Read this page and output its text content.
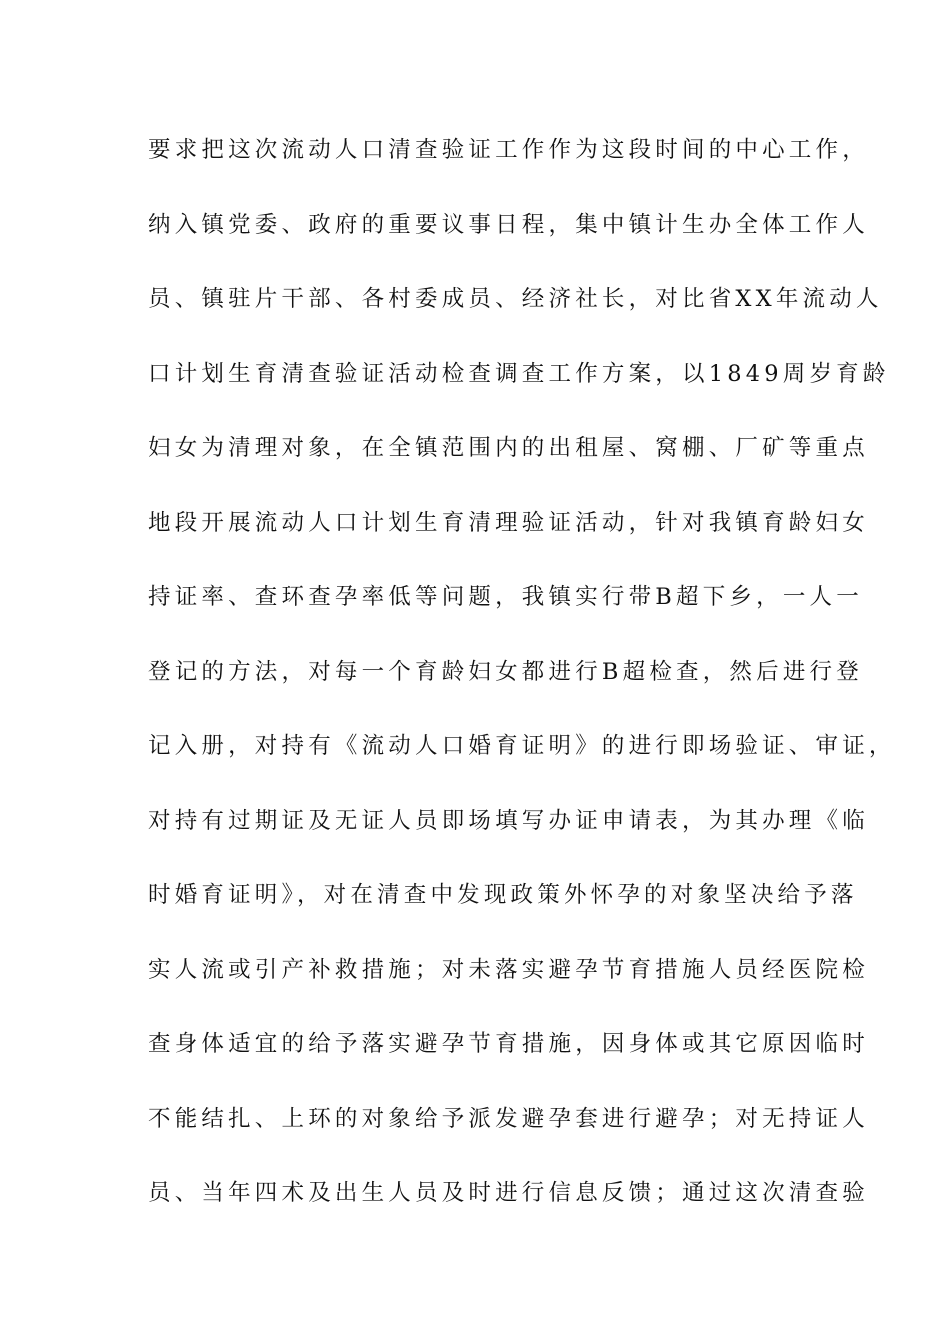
要求把这次流动人口清查验证工作作为这段时间的中心工作，
纳入镇党委、政府的重要议事日程，集中镇计生办全体工作人
员、镇驻片干部、各村委成员、经济社长，对比省XX年流动人
口计划生育清查验证活动检查调查工作方案，以1849周岁育龄
妇女为清理对象，在全镇范围内的出租屋、窝棚、厂矿等重点
地段开展流动人口计划生育清理验证活动，针对我镇育龄妇女
持证率、查环查孕率低等问题，我镇实行带B超下乡，一人一
登记的方法，对每一个育龄妇女都进行B超检查，然后进行登
记入册，对持有《流动人口婚育证明》的进行即场验证、审证，
对持有过期证及无证人员即场填写办证申请表，为其办理《临
时婚育证明》，对在清查中发现政策外怀孕的对象坚决给予落
实人流或引产补救措施；对未落实避孕节育措施人员经医院检
查身体适宜的给予落实避孕节育措施，因身体或其它原因临时
不能结扎、上环的对象给予派发避孕套进行避孕；对无持证人
员、当年四术及出生人员及时进行信息反馈；通过这次清查验
